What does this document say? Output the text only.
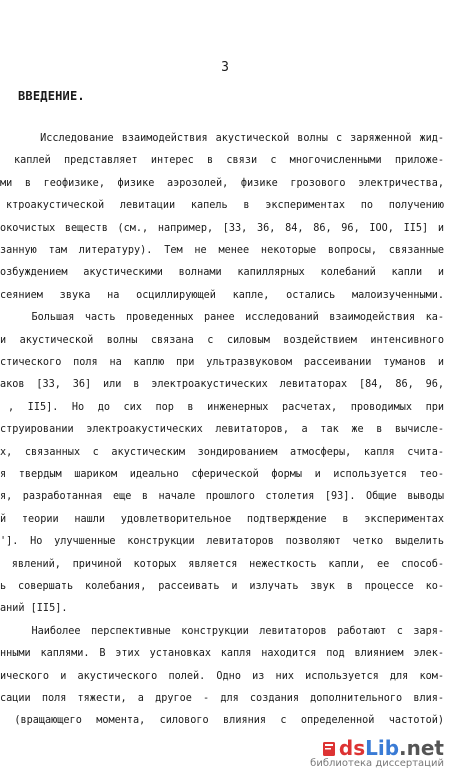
3
ВВЕДЕНИЕ.
Исследование взаимодействия акустической волны с заряженной жид-
каплей представляет интерес в связи с многочисленными приложе-
ми в геофизике, физике аэрозолей, физике грозового электричества,
ктроакустической левитации капель в экспериментах по получению
окочистых веществ (см., например, [33, 36, 84, 86, 96, IOO, II5] и
занную там литературу). Тем не менее некоторые вопросы, связанные
озбуждением акустическими волнами капиллярных колебаний капли и
сеянием звука на осциллирующей капле, остались малоизученными.
Большая часть проведенных ранее исследований взаимодействия ка-
и акустической волны связана с силовым воздействием интенсивного
стического поля на каплю при ультразвуковом рассеивании туманов и
аков [33, 36] или в электроакустических левитаторах [84, 86, 96,
, II5]. Но до сих пор в инженерных расчетах, проводимых при
струировании электроакустических левитаторов, а так же в вычисле-
х, связанных с акустическим зондированием атмосферы, капля счита-
я твердым шариком идеально сферической формы и используется тео-
я, разработанная еще в начале прошлого столетия [93]. Общие выводы
й теории нашли удовлетворительное подтверждение в экспериментах
']. Но улучшенные конструкции левитаторов позволяют четко выделить
явлений, причиной которых является нежесткость капли, ее способ-
ь совершать колебания, рассеивать и излучать звук в процессе ко-
аний [II5].
Наиболее перспективные конструкции левитаторов работают с заря-
нными каплями. В этих установках капля находится под влиянием элек-
ического и акустического полей. Одно из них используется для ком-
сации поля тяжести, а другое - для создания дополнительного влия-
(вращающего момента, силового влияния с определенной частотой)
dsLib.net
библиотека диссертаций
